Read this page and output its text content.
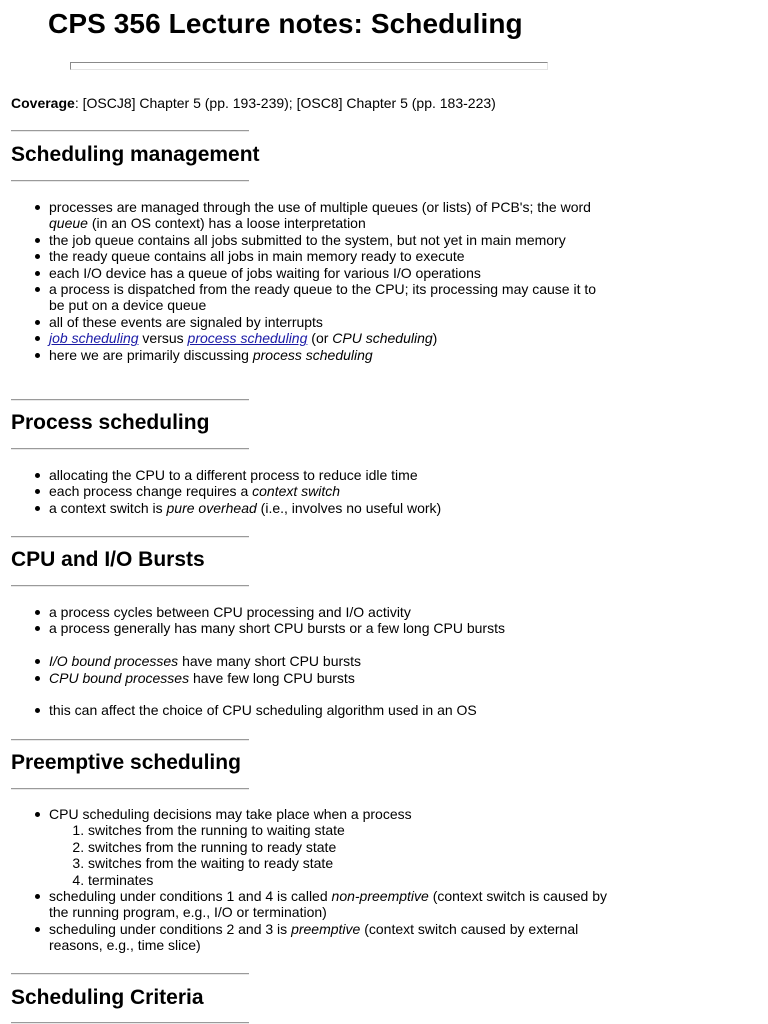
CPS 356 Lecture notes: Scheduling
Coverage: [OSCJ8] Chapter 5 (pp. 193-239); [OSC8] Chapter 5 (pp. 183-223)
Scheduling management
processes are managed through the use of multiple queues (or lists) of PCB's; the word queue (in an OS context) has a loose interpretation
the job queue contains all jobs submitted to the system, but not yet in main memory
the ready queue contains all jobs in main memory ready to execute
each I/O device has a queue of jobs waiting for various I/O operations
a process is dispatched from the ready queue to the CPU; its processing may cause it to be put on a device queue
all of these events are signaled by interrupts
job scheduling versus process scheduling (or CPU scheduling)
here we are primarily discussing process scheduling
Process scheduling
allocating the CPU to a different process to reduce idle time
each process change requires a context switch
a context switch is pure overhead (i.e., involves no useful work)
CPU and I/O Bursts
a process cycles between CPU processing and I/O activity
a process generally has many short CPU bursts or a few long CPU bursts
I/O bound processes have many short CPU bursts
CPU bound processes have few long CPU bursts
this can affect the choice of CPU scheduling algorithm used in an OS
Preemptive scheduling
CPU scheduling decisions may take place when a process
1. switches from the running to waiting state
2. switches from the running to ready state
3. switches from the waiting to ready state
4. terminates
scheduling under conditions 1 and 4 is called non-preemptive (context switch is caused by the running program, e.g., I/O or termination)
scheduling under conditions 2 and 3 is preemptive (context switch caused by external reasons, e.g., time slice)
Scheduling Criteria
